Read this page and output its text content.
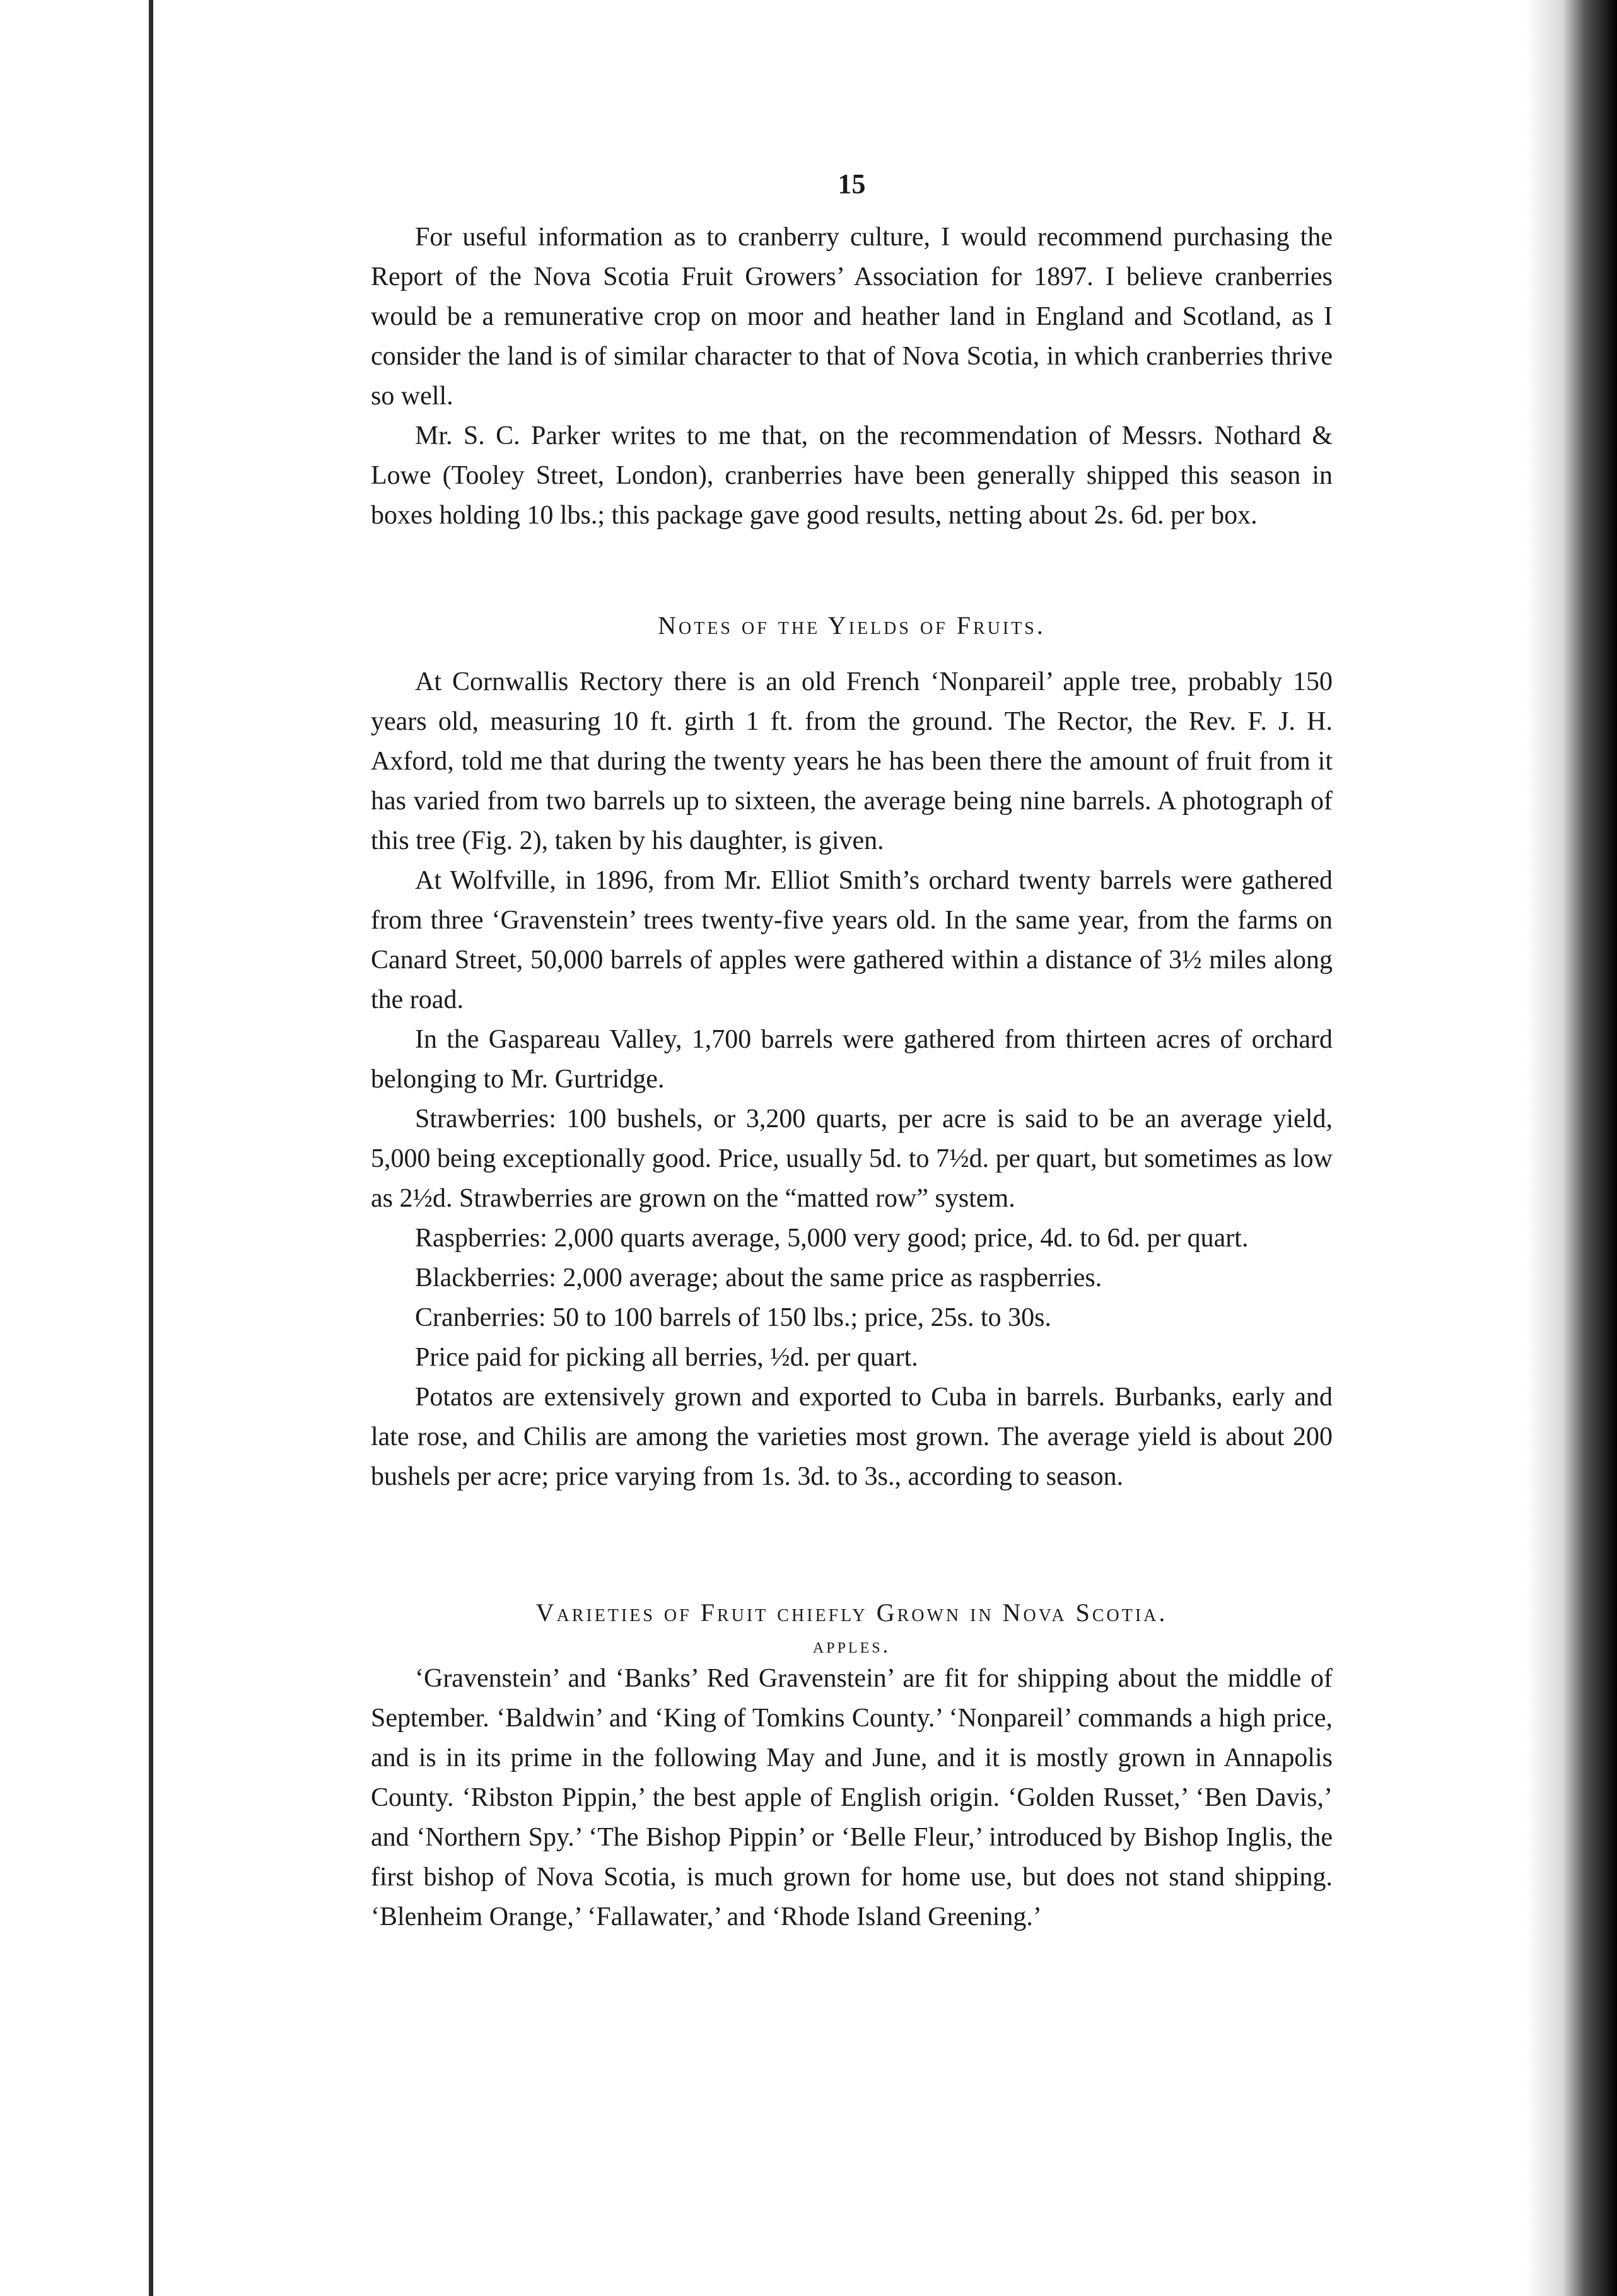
15

For useful information as to cranberry culture, I would recommend purchasing the Report of the Nova Scotia Fruit Growers’ Association for 1897. I believe cranberries would be a remunerative crop on moor and heather land in England and Scotland, as I consider the land is of similar character to that of Nova Scotia, in which cranberries thrive so well.

Mr. S. C. Parker writes to me that, on the recommendation of Messrs. Nothard & Lowe (Tooley Street, London), cranberries have been generally shipped this season in boxes holding 10 lbs.; this package gave good results, netting about 2s. 6d. per box.

Notes of the Yields of Fruits.

At Cornwallis Rectory there is an old French ‘Nonpareil’ apple tree, probably 150 years old, measuring 10 ft. girth 1 ft. from the ground. The Rector, the Rev. F. J. H. Axford, told me that during the twenty years he has been there the amount of fruit from it has varied from two barrels up to sixteen, the average being nine barrels. A photograph of this tree (Fig. 2), taken by his daughter, is given.

At Wolfville, in 1896, from Mr. Elliot Smith’s orchard twenty barrels were gathered from three ‘Gravenstein’ trees twenty-five years old. In the same year, from the farms on Canard Street, 50,000 barrels of apples were gathered within a distance of 3½ miles along the road.

In the Gaspareau Valley, 1,700 barrels were gathered from thirteen acres of orchard belonging to Mr. Gurtridge.

Strawberries: 100 bushels, or 3,200 quarts, per acre is said to be an average yield, 5,000 being exceptionally good. Price, usually 5d. to 7½d. per quart, but sometimes as low as 2½d. Strawberries are grown on the “matted row” system.

Raspberries: 2,000 quarts average, 5,000 very good; price, 4d. to 6d. per quart.

Blackberries: 2,000 average; about the same price as raspberries.

Cranberries: 50 to 100 barrels of 150 lbs.; price, 25s. to 30s.

Price paid for picking all berries, ½d. per quart.

Potatos are extensively grown and exported to Cuba in barrels. Burbanks, early and late rose, and Chilis are among the varieties most grown. The average yield is about 200 bushels per acre; price varying from 1s. 3d. to 3s., according to season.

Varieties of Fruit chiefly Grown in Nova Scotia.
apples.

‘Gravenstein’ and ‘Banks’ Red Gravenstein’ are fit for shipping about the middle of September. ‘Baldwin’ and ‘King of Tomkins County.’ ‘Nonpareil’ commands a high price, and is in its prime in the following May and June, and it is mostly grown in Annapolis County. ‘Ribston Pippin,’ the best apple of English origin. ‘Golden Russet,’ ‘Ben Davis,’ and ‘Northern Spy.’ ‘The Bishop Pippin’ or ‘Belle Fleur,’ introduced by Bishop Inglis, the first bishop of Nova Scotia, is much grown for home use, but does not stand shipping. ‘Blenheim Orange,’ ‘Fallawater,’ and ‘Rhode Island Greening.’
